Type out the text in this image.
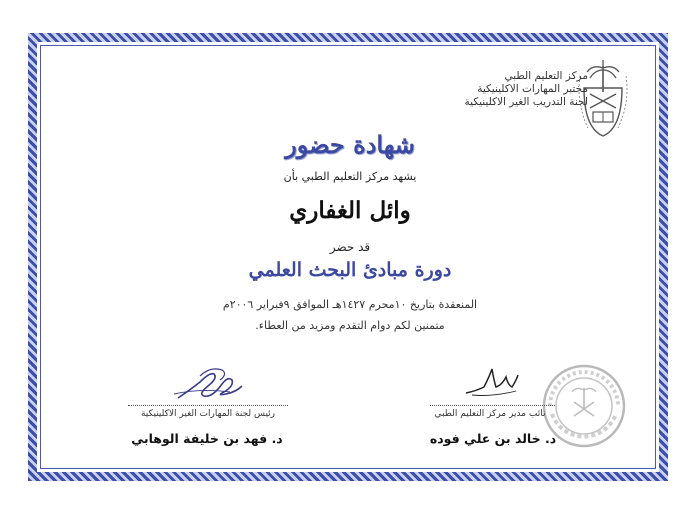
مركز التعليم الطبي
مختبر المهارات الاكلينيكية
لجنة التدريب الغير الاكلينيكية
شهادة حضور
يشهد مركز التعليم الطبي بأن
وائل الغفاري
قد حضر
دورة مبادئ البحث العلمي
المنعقدة بتاريخ ١٠محرم ١٤٢٧هـ الموافق ٩فبراير ٢٠٠٦م
متمنين لكم دوام التقدم ومزيد من العطاء.
رئيس لجنة المهارات الغير الاكلينيكية
د. فهد بن خليفة الوهابي
نائب مدير مركز التعليم الطبي
د. خالد بن علي فوده
